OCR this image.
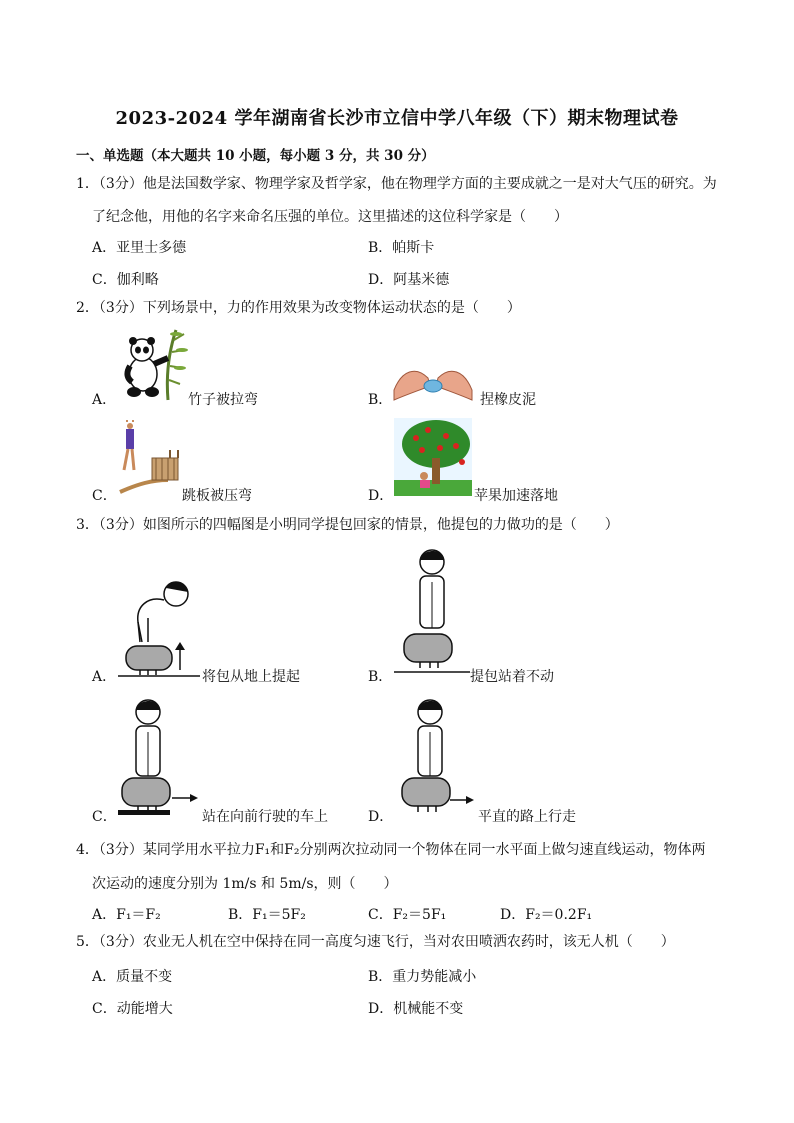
2023-2024 学年湖南省长沙市立信中学八年级（下）期末物理试卷
一、单选题（本大题共 10 小题，每小题 3 分，共 30 分）
1．（3分）他是法国数学家、物理学家及哲学家，他在物理学方面的主要成就之一是对大气压的研究。为
了纪念他，用他的名字来命名压强的单位。这里描述的这位科学家是（　　）
A．亚里士多德	B．帕斯卡
C．伽利略	D．阿基米德
2．（3分）下列场景中，力的作用效果为改变物体运动状态的是（　　）
A．	竹子被拉弯	B．	捏橡皮泥
C．	跳板被压弯	D．	苹果加速落地
3．（3分）如图所示的四幅图是小明同学提包回家的情景，他提包的力做功的是（　　）
A．	将包从地上提起	B．	提包站着不动
C．	站在向前行驶的车上	D．	平直的路上行走
4．（3分）某同学用水平拉力F₁和F₂分别两次拉动同一个物体在同一水平面上做匀速直线运动，物体两
次运动的速度分别为 1m/s 和 5m/s，则（　　）
A．F₁＝F₂	B．F₁＝5F₂	C．F₂＝5F₁	D．F₂＝0.2F₁
5．（3分）农业无人机在空中保持在同一高度匀速飞行，当对农田喷洒农药时，该无人机（　　）
A．质量不变	B．重力势能减小
C．动能增大	D．机械能不变
